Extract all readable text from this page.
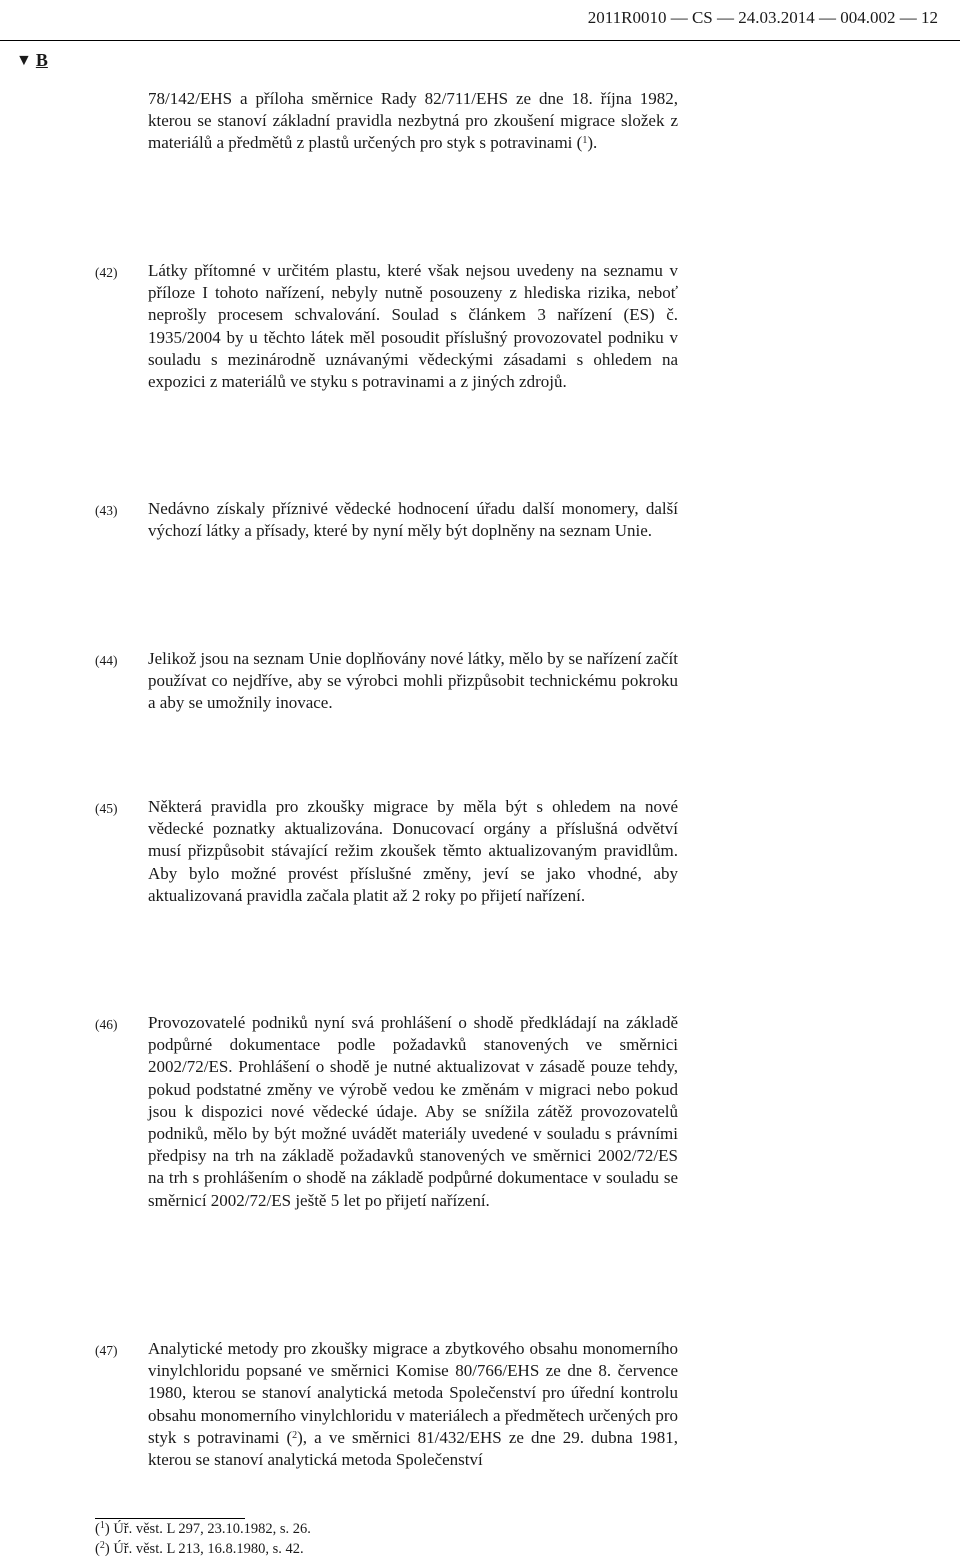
2011R0010 — CS — 24.03.2014 — 004.002 — 12
▼ B
78/142/EHS a příloha směrnice Rady 82/711/EHS ze dne 18. října 1982, kterou se stanoví základní pravidla nezbytná pro zkoušení migrace složek z materiálů a předmětů z plastů určených pro styk s potravinami ($^1$).
(42) Látky přítomné v určitém plastu, které však nejsou uvedeny na seznamu v příloze I tohoto nařízení, nebyly nutně posouzeny z hlediska rizika, neboť neprošly procesem schvalování. Soulad s článkem 3 nařízení (ES) č. 1935/2004 by u těchto látek měl posoudit příslušný provozovatel podniku v souladu s mezinárodně uznávanými vědeckými zásadami s ohledem na expozici z materiálů ve styku s potravinami a z jiných zdrojů.
(43) Nedávno získaly příznivé vědecké hodnocení úřadu další monomery, další výchozí látky a přísady, které by nyní měly být doplněny na seznam Unie.
(44) Jelikož jsou na seznam Unie doplňovány nové látky, mělo by se nařízení začít používat co nejdříve, aby se výrobci mohli přizpůsobit technickému pokroku a aby se umožnily inovace.
(45) Některá pravidla pro zkoušky migrace by měla být s ohledem na nové vědecké poznatky aktualizována. Donucovací orgány a příslušná odvětví musí přizpůsobit stávající režim zkoušek těmto aktualizovaným pravidlům. Aby bylo možné provést příslušné změny, jeví se jako vhodné, aby aktualizovaná pravidla začala platit až 2 roky po přijetí nařízení.
(46) Provozovatelé podniků nyní svá prohlášení o shodě předkládají na základě podpůrné dokumentace podle požadavků stanovených ve směrnici 2002/72/ES. Prohlášení o shodě je nutné aktualizovat v zásadě pouze tehdy, pokud podstatné změny ve výrobě vedou ke změnám v migraci nebo pokud jsou k dispozici nové vědecké údaje. Aby se snížila zátěž provozovatelů podniků, mělo by být možné uvádět materiály uvedené v souladu s právními předpisy na trh na základě požadavků stanovených ve směrnici 2002/72/ES na trh s prohlášením o shodě na základě podpůrné dokumentace v souladu se směrnicí 2002/72/ES ještě 5 let po přijetí nařízení.
(47) Analytické metody pro zkoušky migrace a zbytkového obsahu monomerního vinylchloridu popsané ve směrnici Komise 80/766/EHS ze dne 8. července 1980, kterou se stanoví analytická metoda Společenství pro úřední kontrolu obsahu monomerního vinylchloridu v materiálech a předmětech určených pro styk s potravinami ($^2$), a ve směrnici 81/432/EHS ze dne 29. dubna 1981, kterou se stanoví analytická metoda Společenství
($^1$) Úř. věst. L 297, 23.10.1982, s. 26.
($^2$) Úř. věst. L 213, 16.8.1980, s. 42.
